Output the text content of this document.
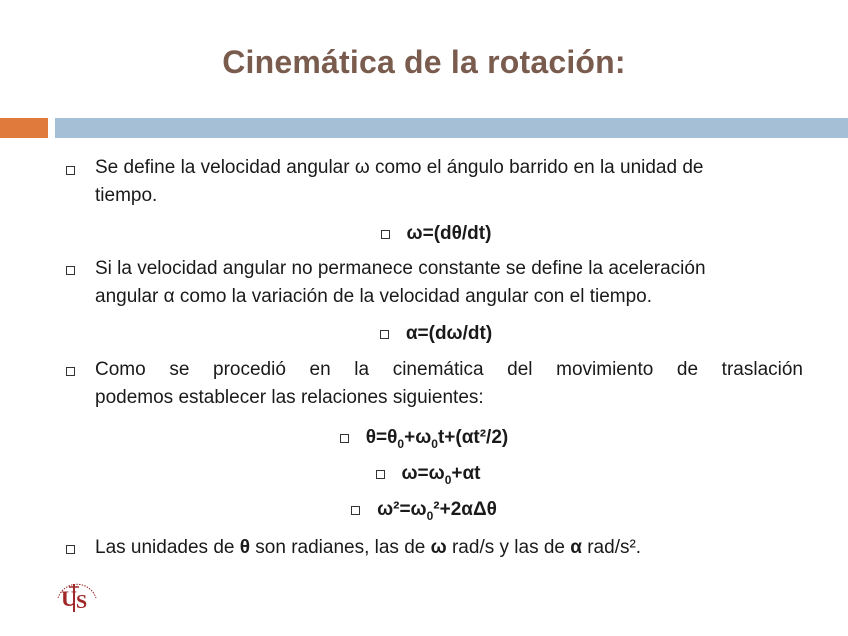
Cinemática de la rotación:
Se define la velocidad angular ω como el ángulo barrido en la unidad de
tiempo.
ω=(dθ/dt)
Si la velocidad angular no permanece constante se define la aceleración
angular α como la variación de la velocidad angular con el tiempo.
α=(dω/dt)
Como se procedió en la cinemática del movimiento de traslación
podemos establecer las relaciones siguientes:
$\theta=\theta_0+\omega_0t+(\alpha t^2/2)$
$\omega=\omega_0+\alpha t$
$\omega^2=\omega_0^2+2\alpha\Delta\theta$
Las unidades de θ son radianes, las de ω rad/s y las de α rad/s².
U S
